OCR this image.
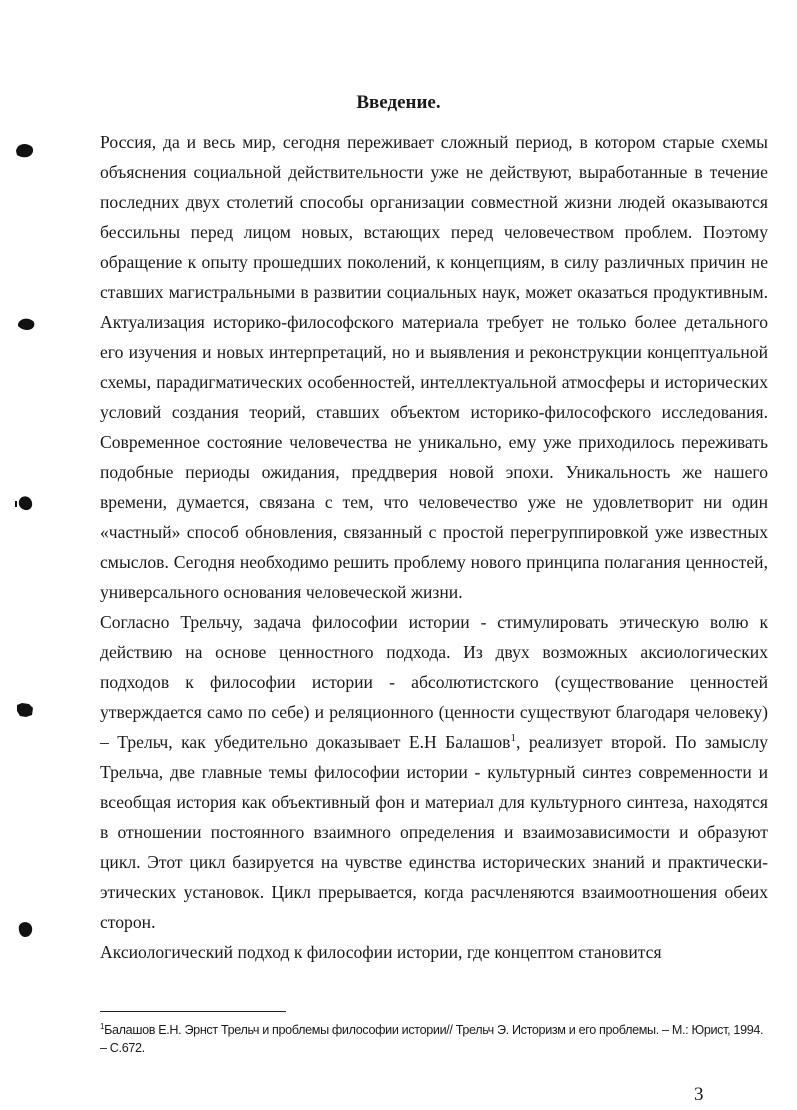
Введение.

Россия, да и весь мир, сегодня переживает сложный период, в котором старые схемы объяснения социальной действительности уже не действуют, выработанные в течение последних двух столетий способы организации совместной жизни людей оказываются бессильны перед лицом новых, встающих перед человечеством проблем. Поэтому обращение к опыту прошедших поколений, к концепциям, в силу различных причин не ставших магистральными в развитии социальных наук, может оказаться продуктивным. Актуализация историко-философского материала требует не только более детального его изучения и новых интерпретаций, но и выявления и реконструкции концептуальной схемы, парадигматических особенностей, интеллектуальной атмосферы и исторических условий создания теорий, ставших объектом историко-философского исследования. Современное состояние человечества не уникально, ему уже приходилось переживать подобные периоды ожидания, преддверия новой эпохи. Уникальность же нашего времени, думается, связана с тем, что человечество уже не удовлетворит ни один «частный» способ обновления, связанный с простой перегруппировкой уже известных смыслов. Сегодня необходимо решить проблему нового принципа полагания ценностей, универсального основания человеческой жизни.

Согласно Трельчу, задача философии истории - стимулировать этическую волю к действию на основе ценностного подхода. Из двух возможных аксиологических подходов к философии истории - абсолютистского (существование ценностей утверждается само по себе) и реляционного (ценности существуют благодаря человеку) – Трельч, как убедительно доказывает Е.Н Балашов$^1$, реализует второй. По замыслу Трельча, две главные темы философии истории - культурный синтез современности и всеобщая история как объективный фон и материал для культурного синтеза, находятся в отношении постоянного взаимного определения и взаимозависимости и образуют цикл. Этот цикл базируется на чувстве единства исторических знаний и практически-этических установок. Цикл прерывается, когда расчленяются взаимоотношения обеих сторон.

Аксиологический подход к философии истории, где концептом становится

$^1$Балашов Е.Н. Эрнст Трельч и проблемы философии истории// Трельч Э. Историзм и его проблемы. – М.: Юрист, 1994. – С.672.

3
